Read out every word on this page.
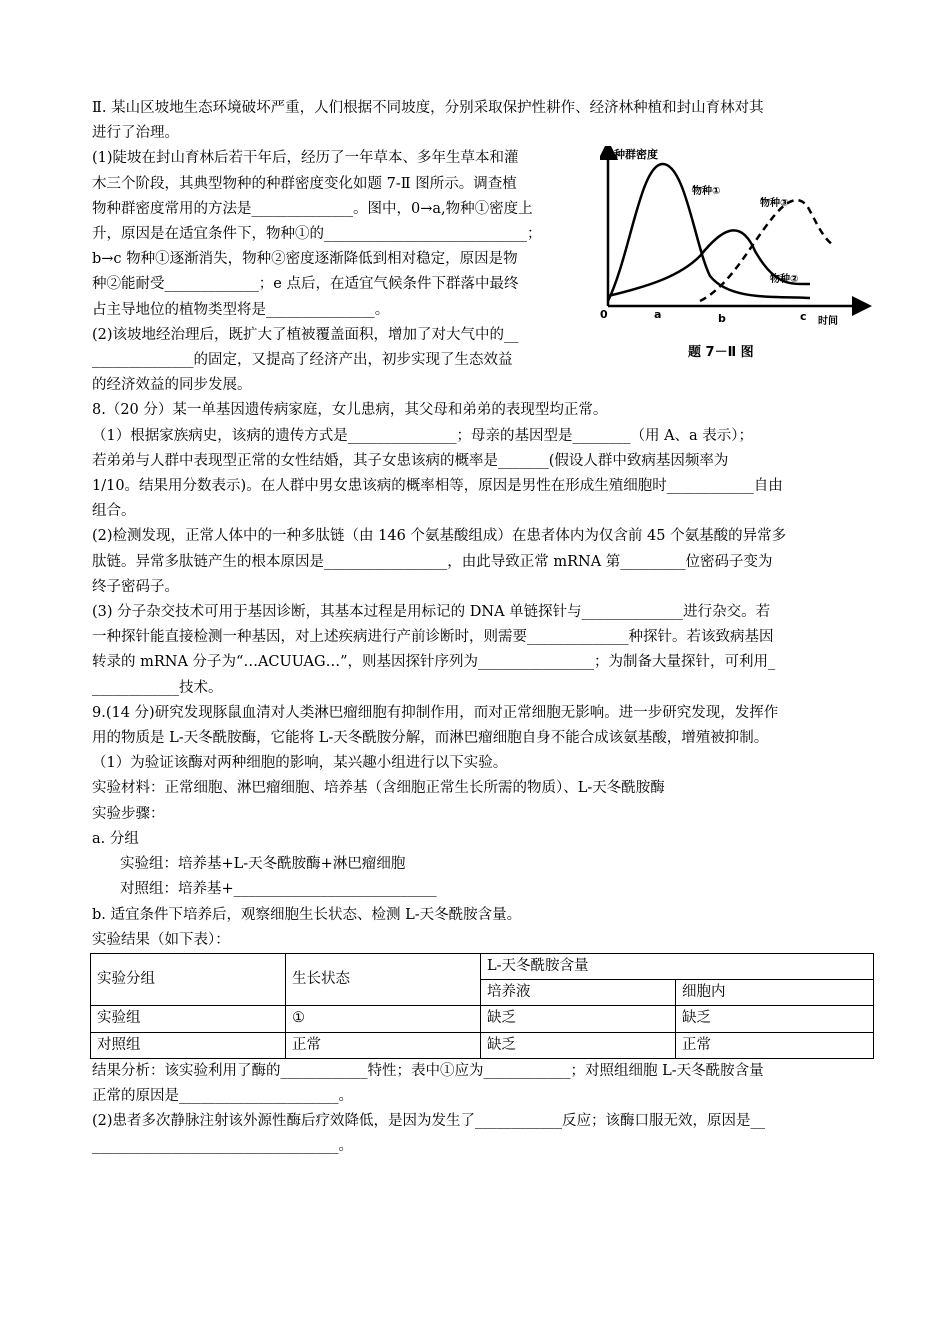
Ⅱ. 某山区坡地生态环境破坏严重，人们根据不同坡度，分别采取保护性耕作、经济林种植和封山育林对其
进行了治理。

(1)陡坡在封山育林后若干年后，经历了一年草本、多年生草本和灌
木三个阶段，其典型物种的种群密度变化如题 7-Ⅱ 图所示。调查植
物种群密度常用的方法是______________。图中，0→a,物种①密度上
升，原因是在适宜条件下，物种①的____________________________；
b→c 物种①逐渐消失，物种②密度逐渐降低到相对稳定，原因是物
种②能耐受_____________；e 点后，在适宜气候条件下群落中最终
占主导地位的植物类型将是_______________。

(2)该坡地经治理后，既扩大了植被覆盖面积，增加了对大气中的__
______________的固定，又提高了经济产出，初步实现了生态效益
的经济效益的同步发展。

8.（20 分）某一单基因遗传病家庭，女儿患病，其父母和弟弟的表现型均正常。
（1）根据家族病史，该病的遗传方式是_______________；母亲的基因型是________（用 A、a 表示）；
若弟弟与人群中表现型正常的女性结婚，其子女患该病的概率是_______(假设人群中致病基因频率为
1/10。结果用分数表示)。在人群中男女患该病的概率相等，原因是男性在形成生殖细胞时____________自由
组合。
(2)检测发现，正常人体中的一种多肽链（由 146 个氨基酸组成）在患者体内为仅含前 45 个氨基酸的异常多
肽链。异常多肽链产生的根本原因是_________________，由此导致正常 mRNA 第_________位密码子变为
终子密码子。
(3) 分子杂交技术可用于基因诊断，其基本过程是用标记的 DNA 单链探针与______________进行杂交。若
一种探针能直接检测一种基因，对上述疾病进行产前诊断时，则需要______________种探针。若该致病基因
转录的 mRNA 分子为“…ACUUAG…”，则基因探针序列为________________；为制备大量探针，可利用_
____________技术。

9.(14 分)研究发现豚鼠血清对人类淋巴瘤细胞有抑制作用，而对正常细胞无影响。进一步研究发现，发挥作
用的物质是 L-天冬酰胺酶，它能将 L-天冬酰胺分解，而淋巴瘤细胞自身不能合成该氨基酸，增殖被抑制。
（1）为验证该酶对两种细胞的影响，某兴趣小组进行以下实验。
实验材料：正常细胞、淋巴瘤细胞、培养基（含细胞正常生长所需的物质）、L-天冬酰胺酶
实验步骤：
a. 分组
实验组：培养基+L-天冬酰胺酶+淋巴瘤细胞
对照组：培养基+____________________________
b. 适宜条件下培养后，观察细胞生长状态、检测 L-天冬酰胺含量。
实验结果（如下表）：

实验分组	生长状态	L-天冬酰胺含量	
		培养液	细胞内
实验组	①	缺乏	缺乏
对照组	正常	缺乏	正常

结果分析：该实验利用了酶的____________特性；表中①应为____________；对照组细胞 L-天冬酰胺含量
正常的原因是______________________。
(2)患者多次静脉注射该外源性酶后疗效降低，是因为发生了____________反应；该酶口服无效，原因是__
__________________________________。

种群密度
物种①
物种③
物种②
0	a	b	c 时间
题 7－Ⅱ 图
